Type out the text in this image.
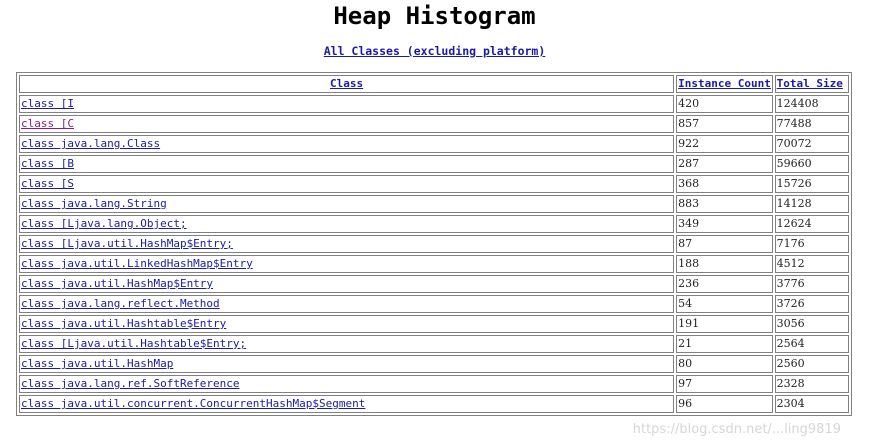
Heap Histogram
All Classes (excluding platform)
Class	Instance Count	Total Size
class [I	420	124408
class [C	857	77488
class java.lang.Class	922	70072
class [B	287	59660
class [S	368	15726
class java.lang.String	883	14128
class [Ljava.lang.Object;	349	12624
class [Ljava.util.HashMap$Entry;	87	7176
class java.util.LinkedHashMap$Entry	188	4512
class java.util.HashMap$Entry	236	3776
class java.lang.reflect.Method	54	3726
class java.util.Hashtable$Entry	191	3056
class [Ljava.util.Hashtable$Entry;	21	2564
class java.util.HashMap	80	2560
class java.lang.ref.SoftReference	97	2328
class java.util.concurrent.ConcurrentHashMap$Segment	96	2304
https://blog.csdn.net/...ling9819
